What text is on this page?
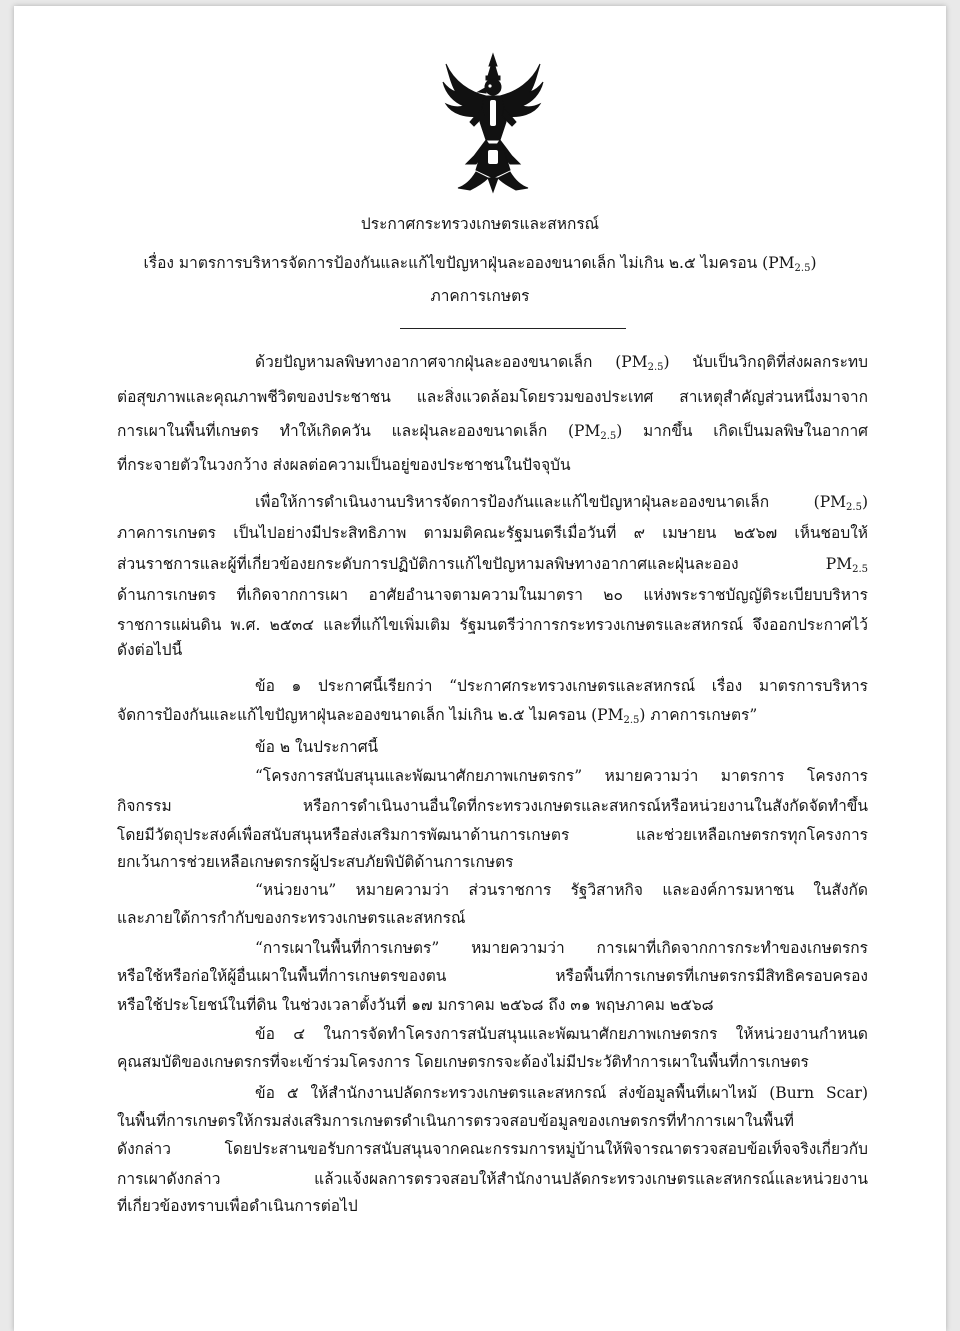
ประกาศกระทรวงเกษตรและสหกรณ์
เรื่อง มาตรการบริหารจัดการป้องกันและแก้ไขปัญหาฝุ่นละอองขนาดเล็ก ไม่เกิน ๒.๕ ไมครอน $(PM_{2.5})$
ภาคการเกษตร
ด้วยปัญหามลพิษทางอากาศจากฝุ่นละอองขนาดเล็ก $(PM_{2.5})$ นับเป็นวิกฤติที่ส่งผลกระทบ
ต่อสุขภาพและคุณภาพชีวิตของประชาชน และสิ่งแวดล้อมโดยรวมของประเทศ สาเหตุสำคัญส่วนหนึ่งมาจาก
การเผาในพื้นที่เกษตร ทำให้เกิดควัน และฝุ่นละอองขนาดเล็ก $(PM_{2.5})$ มากขึ้น เกิดเป็นมลพิษในอากาศ
ที่กระจายตัวในวงกว้าง ส่งผลต่อความเป็นอยู่ของประชาชนในปัจจุบัน
เพื่อให้การดำเนินงานบริหารจัดการป้องกันและแก้ไขปัญหาฝุ่นละอองขนาดเล็ก $(PM_{2.5})$
ภาคการเกษตร เป็นไปอย่างมีประสิทธิภาพ ตามมติคณะรัฐมนตรีเมื่อวันที่ ๙ เมษายน ๒๕๖๗ เห็นชอบให้
ส่วนราชการและผู้ที่เกี่ยวข้องยกระดับการปฏิบัติการแก้ไขปัญหามลพิษทางอากาศและฝุ่นละออง $PM_{2.5}$
ด้านการเกษตร ที่เกิดจากการเผา อาศัยอำนาจตามความในมาตรา ๒๐ แห่งพระราชบัญญัติระเบียบบริหาร
ราชการแผ่นดิน พ.ศ. ๒๕๓๔ และที่แก้ไขเพิ่มเติม รัฐมนตรีว่าการกระทรวงเกษตรและสหกรณ์ จึงออกประกาศไว้
ดังต่อไปนี้
ข้อ ๑ ประกาศนี้เรียกว่า “ประกาศกระทรวงเกษตรและสหกรณ์ เรื่อง มาตรการบริหาร
จัดการป้องกันและแก้ไขปัญหาฝุ่นละอองขนาดเล็ก ไม่เกิน ๒.๕ ไมครอน $(PM_{2.5})$ ภาคการเกษตร”
ข้อ ๒ ในประกาศนี้
“โครงการสนับสนุนและพัฒนาศักยภาพเกษตรกร” หมายความว่า มาตรการ โครงการ
กิจกรรม หรือการดำเนินงานอื่นใดที่กระทรวงเกษตรและสหกรณ์หรือหน่วยงานในสังกัดจัดทำขึ้น
โดยมีวัตถุประสงค์เพื่อสนับสนุนหรือส่งเสริมการพัฒนาด้านการเกษตร และช่วยเหลือเกษตรกรทุกโครงการ
ยกเว้นการช่วยเหลือเกษตรกรผู้ประสบภัยพิบัติด้านการเกษตร
“หน่วยงาน” หมายความว่า ส่วนราชการ รัฐวิสาหกิจ และองค์การมหาชน ในสังกัด
และภายใต้การกำกับของกระทรวงเกษตรและสหกรณ์
“การเผาในพื้นที่การเกษตร” หมายความว่า การเผาที่เกิดจากการกระทำของเกษตรกร
หรือใช้หรือก่อให้ผู้อื่นเผาในพื้นที่การเกษตรของตน หรือพื้นที่การเกษตรที่เกษตรกรมีสิทธิครอบครอง
หรือใช้ประโยชน์ในที่ดิน ในช่วงเวลาตั้งวันที่ ๑๗ มกราคม ๒๕๖๘ ถึง ๓๑ พฤษภาคม ๒๕๖๘
ข้อ ๔ ในการจัดทำโครงการสนับสนุนและพัฒนาศักยภาพเกษตรกร ให้หน่วยงานกำหนด
คุณสมบัติของเกษตรกรที่จะเข้าร่วมโครงการ โดยเกษตรกรจะต้องไม่มีประวัติทำการเผาในพื้นที่การเกษตร
ข้อ ๕ ให้สำนักงานปลัดกระทรวงเกษตรและสหกรณ์ ส่งข้อมูลพื้นที่เผาไหม้ (Burn Scar)
ในพื้นที่การเกษตรให้กรมส่งเสริมการเกษตรดำเนินการตรวจสอบข้อมูลของเกษตรกรที่ทำการเผาในพื้นที่
ดังกล่าว โดยประสานขอรับการสนับสนุนจากคณะกรรมการหมู่บ้านให้พิจารณาตรวจสอบข้อเท็จจริงเกี่ยวกับ
การเผาดังกล่าว แล้วแจ้งผลการตรวจสอบให้สำนักงานปลัดกระทรวงเกษตรและสหกรณ์และหน่วยงาน
ที่เกี่ยวข้องทราบเพื่อดำเนินการต่อไป
